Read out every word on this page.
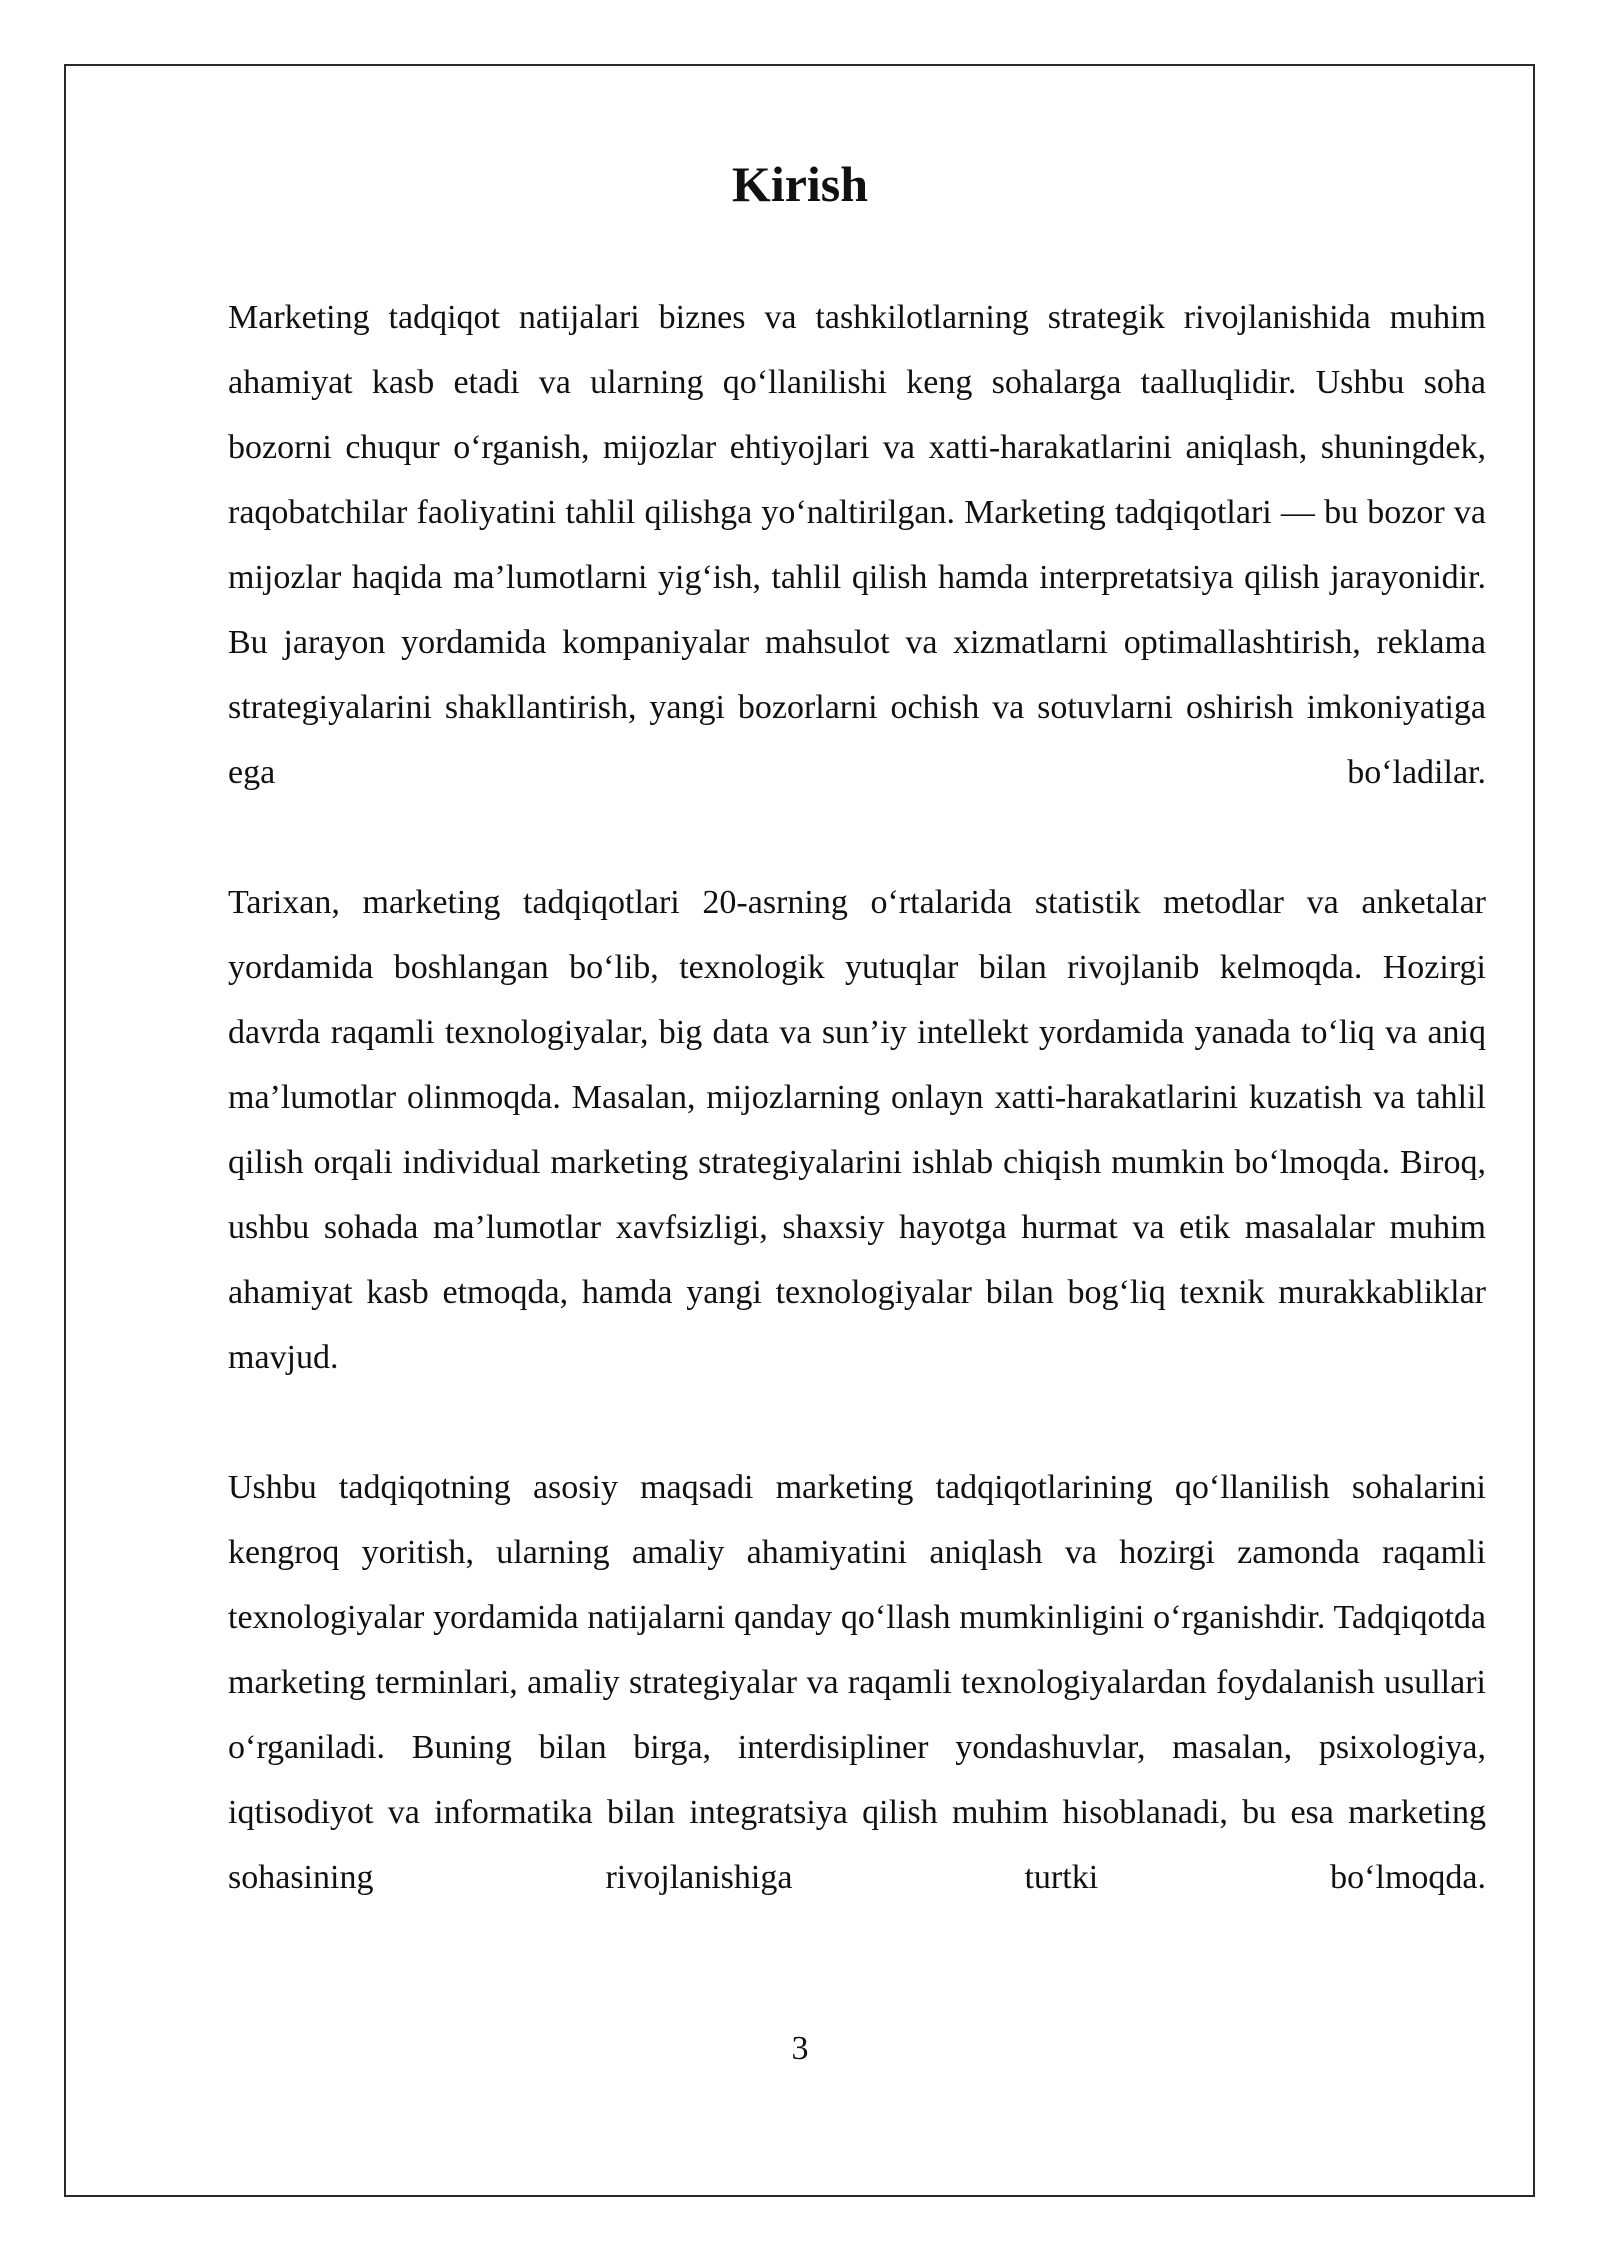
Kirish

Marketing tadqiqot natijalari biznes va tashkilotlarning strategik rivojlanishida muhim ahamiyat kasb etadi va ularning qo‘llanilishi keng sohalarga taalluqlidir. Ushbu soha bozorni chuqur o‘rganish, mijozlar ehtiyojlari va xatti-harakatlarini aniqlash, shuningdek, raqobatchilar faoliyatini tahlil qilishga yo‘naltirilgan. Marketing tadqiqotlari — bu bozor va mijozlar haqida ma’lumotlarni yig‘ish, tahlil qilish hamda interpretatsiya qilish jarayonidir. Bu jarayon yordamida kompaniyalar mahsulot va xizmatlarni optimallashtirish, reklama strategiyalarini shakllantirish, yangi bozorlarni ochish va sotuvlarni oshirish imkoniyatiga ega bo‘ladilar.

Tarixan, marketing tadqiqotlari 20-asrning o‘rtalarida statistik metodlar va anketalar yordamida boshlangan bo‘lib, texnologik yutuqlar bilan rivojlanib kelmoqda. Hozirgi davrda raqamli texnologiyalar, big data va sun’iy intellekt yordamida yanada to‘liq va aniq ma’lumotlar olinmoqda. Masalan, mijozlarning onlayn xatti-harakatlarini kuzatish va tahlil qilish orqali individual marketing strategiyalarini ishlab chiqish mumkin bo‘lmoqda. Biroq, ushbu sohada ma’lumotlar xavfsizligi, shaxsiy hayotga hurmat va etik masalalar muhim ahamiyat kasb etmoqda, hamda yangi texnologiyalar bilan bog‘liq texnik murakkabliklar mavjud.

Ushbu tadqiqotning asosiy maqsadi marketing tadqiqotlarining qo‘llanilish sohalarini kengroq yoritish, ularning amaliy ahamiyatini aniqlash va hozirgi zamonda raqamli texnologiyalar yordamida natijalarni qanday qo‘llash mumkinligini o‘rganishdir. Tadqiqotda marketing terminlari, amaliy strategiyalar va raqamli texnologiyalardan foydalanish usullari o‘rganiladi. Buning bilan birga, interdisipliner yondashuvlar, masalan, psixologiya, iqtisodiyot va informatika bilan integratsiya qilish muhim hisoblanadi, bu esa marketing sohasining rivojlanishiga turtki bo‘lmoqda.

3
